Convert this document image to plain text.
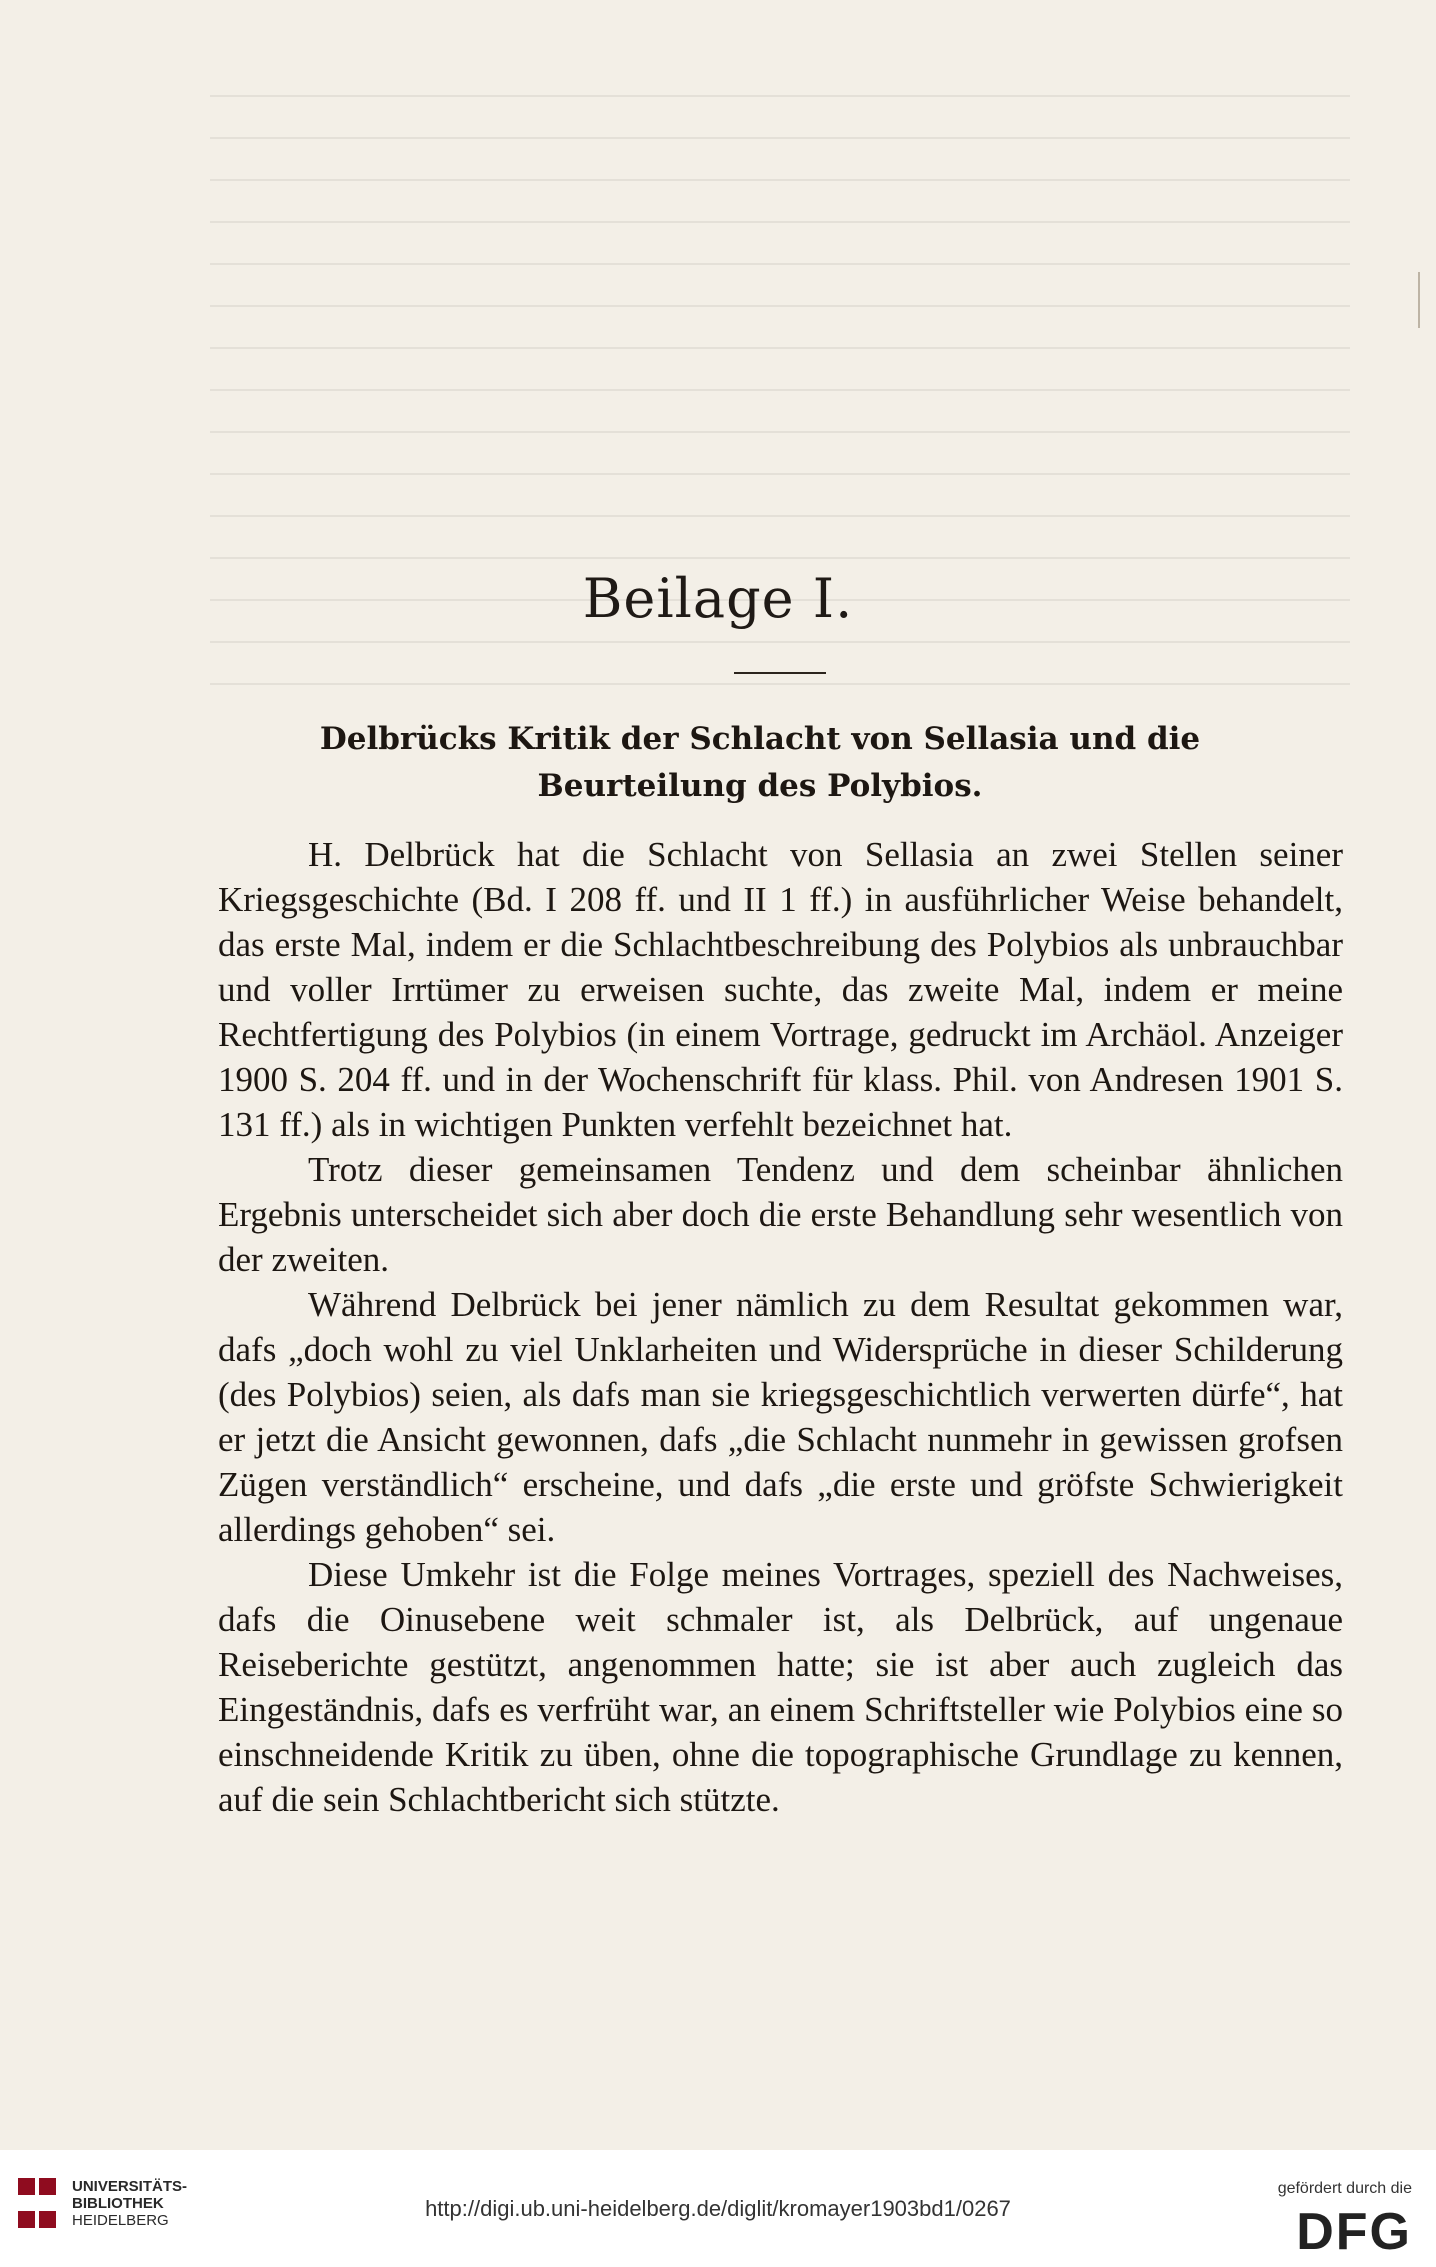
Beilage I.
Delbrücks Kritik der Schlacht von Sellasia und die Beurteilung des Polybios.

H. Delbrück hat die Schlacht von Sellasia an zwei Stellen seiner Kriegsgeschichte (Bd. I 208 ff. und II 1 ff.) in ausführlicher Weise behandelt, das erste Mal, indem er die Schlachtbeschreibung des Polybios als unbrauchbar und voller Irrtümer zu erweisen suchte, das zweite Mal, indem er meine Rechtfertigung des Polybios (in einem Vortrage, gedruckt im Archäol. Anzeiger 1900 S. 204 ff. und in der Wochenschrift für klass. Phil. von Andresen 1901 S. 131 ff.) als in wichtigen Punkten verfehlt bezeichnet hat.

Trotz dieser gemeinsamen Tendenz und dem scheinbar ähnlichen Ergebnis unterscheidet sich aber doch die erste Behandlung sehr wesentlich von der zweiten.

Während Delbrück bei jener nämlich zu dem Resultat gekommen war, dafs „doch wohl zu viel Unklarheiten und Widersprüche in dieser Schilderung (des Polybios) seien, als dafs man sie kriegsgeschichtlich verwerten dürfe“, hat er jetzt die Ansicht gewonnen, dafs „die Schlacht nunmehr in gewissen grofsen Zügen verständlich“ erscheine, und dafs „die erste und gröfste Schwierigkeit allerdings gehoben“ sei.

Diese Umkehr ist die Folge meines Vortrages, speziell des Nachweises, dafs die Oinusebene weit schmaler ist, als Delbrück, auf ungenaue Reiseberichte gestützt, angenommen hatte; sie ist aber auch zugleich das Eingeständnis, dafs es verfrüht war, an einem Schriftsteller wie Polybios eine so einschneidende Kritik zu üben, ohne die topographische Grundlage zu kennen, auf die sein Schlachtbericht sich stützte.

UNIVERSITÄTS-
BIBLIOTHEK
HEIDELBERG	http://digi.ub.uni-heidelberg.de/diglit/kromayer1903bd1/0267
gefördert durch die
DFG
